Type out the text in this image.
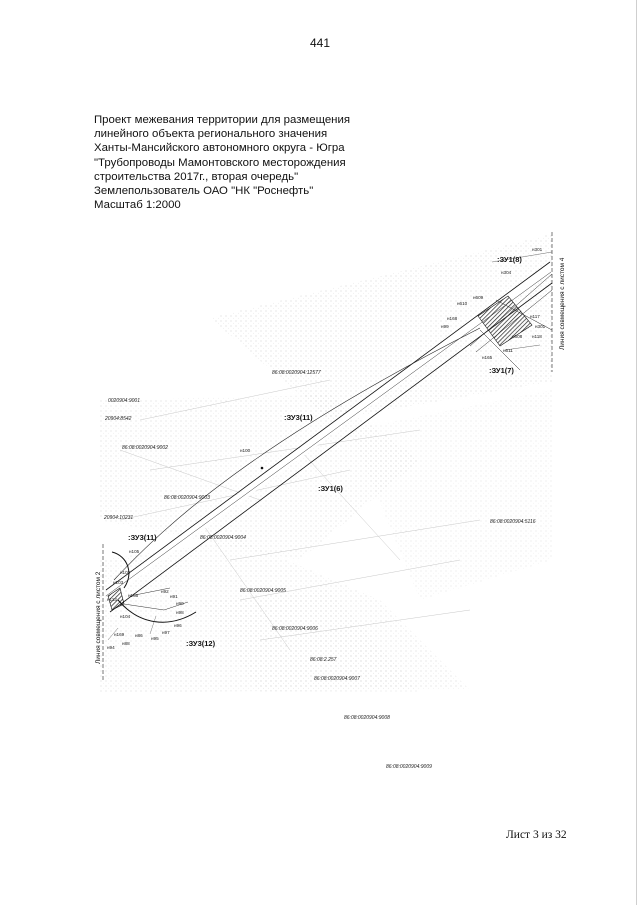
441
Проект межевания территории для размещения
линейного объекта регионального значения
Ханты-Мансийского автономного округа - Югра
"Трубопроводы Мамонтовского месторождения
строительства 2017г., вторая очередь"
Землепользователь ОАО "НК "Роснефть"
Масштаб 1:2000
86:08:0020904:12577
0020904:9001
20904:8542
86:08:0020904:9002
86:08:0020904:9003
20904:10231
86:08:0020904:9004
86:08:0020904:5116
86:08:0020904:9005
86:08:0020904:9006
86:08:2.257
86:08:0020904:9007
86:08:0020904:9008
86:08:0020904:9009
:ЗУ1(8)
:ЗУ1(7)
:ЗУ3(11)
:ЗУ1(6)
:ЗУ3(11)
:ЗУ3(12)
н301
н304
н609
н610
н168
н99
н117
н301
н608 н118
н611
н165
н100
н105
н102
н103
н113
н166
н92
н91
н104
н90
н98
н96
н95
н97
н169 н86
н88
н94
Линия совмещения с листом 4
Линия совмещения с листом 2
Лист 3 из 32
